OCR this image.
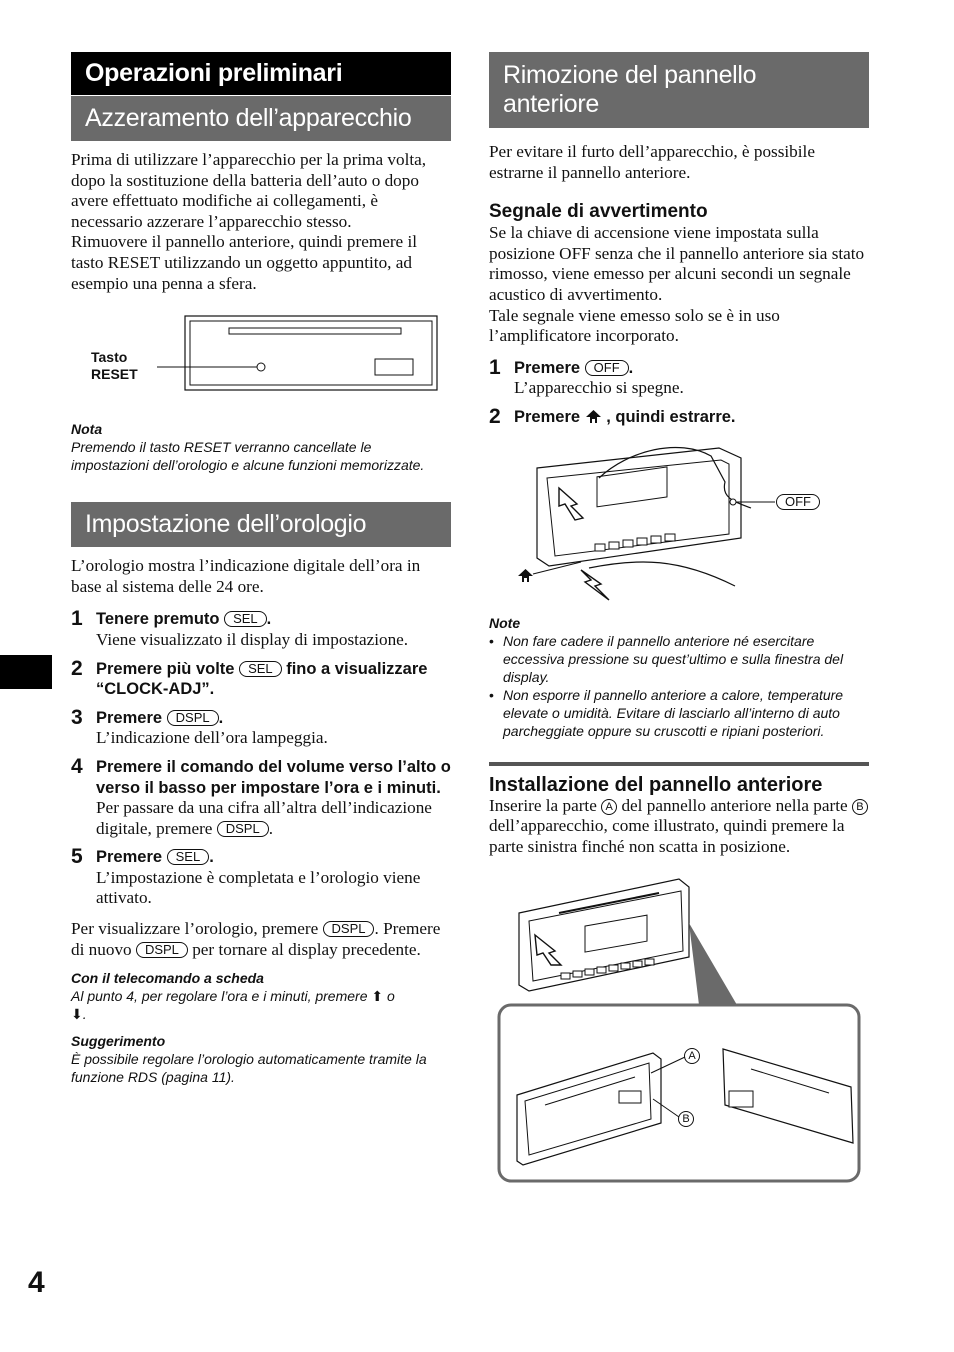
4
Operazioni preliminari
Azzeramento dell’apparecchio

Prima di utilizzare l’apparecchio per la prima volta, dopo la sostituzione della batteria dell’auto o dopo avere effettuato modifiche ai collegamenti, è necessario azzerare l’apparecchio stesso.

Rimuovere il pannello anteriore, quindi premere il tasto RESET utilizzando un oggetto appuntito, ad esempio una penna a sfera.

Tasto
RESET
Nota
Premendo il tasto RESET verranno cancellate le impostazioni dell’orologio e alcune funzioni memorizzate.
Impostazione dell’orologio

L’orologio mostra l’indicazione digitale dell’ora in base al sistema delle 24 ore.

1 Tenere premuto SEL .
Viene visualizzato il display di impostazione.
2 Premere più volte SEL fino a visualizzare “CLOCK-ADJ”.
3 Premere DSPL .
L’indicazione dell’ora lampeggia.
4 Premere il comando del volume verso l’alto o verso il basso per impostare l’ora e i minuti.
Per passare da una cifra all’altra dell’indicazione digitale, premere DSPL .
5 Premere SEL .
L’impostazione è completata e l’orologio viene attivato.

Per visualizzare l’orologio, premere DSPL . Premere di nuovo DSPL per tornare al display precedente.

Con il telecomando a scheda
Al punto 4, per regolare l’ora e i minuti, premere ⬆ o
⬇.
Suggerimento
È possibile regolare l’orologio automaticamente tramite la funzione RDS (pagina 11).
Rimozione del pannello
anteriore

Per evitare il furto dell’apparecchio, è possibile estrarne il pannello anteriore.

Segnale di avvertimento

Se la chiave di accensione viene impostata sulla posizione OFF senza che il pannello anteriore sia stato rimosso, viene emesso per alcuni secondi un segnale acustico di avvertimento.

Tale segnale viene emesso solo se è in uso l’amplificatore incorporato.

1 Premere OFF .
L’apparecchio si spegne.
2 Premere  , quindi estrarre.
OFF
Note
• Non fare cadere il pannello anteriore né esercitare eccessiva pressione su quest’ultimo e sulla finestra del display.
• Non esporre il pannello anteriore a calore, temperature elevate o umidità. Evitare di lasciarlo all’interno di auto parcheggiate oppure su cruscotti e ripiani posteriori.
Installazione del pannello anteriore

Inserire la parte A del pannello anteriore nella parte B dell’apparecchio, come illustrato, quindi premere la parte sinistra finché non scatta in posizione.

A
B
